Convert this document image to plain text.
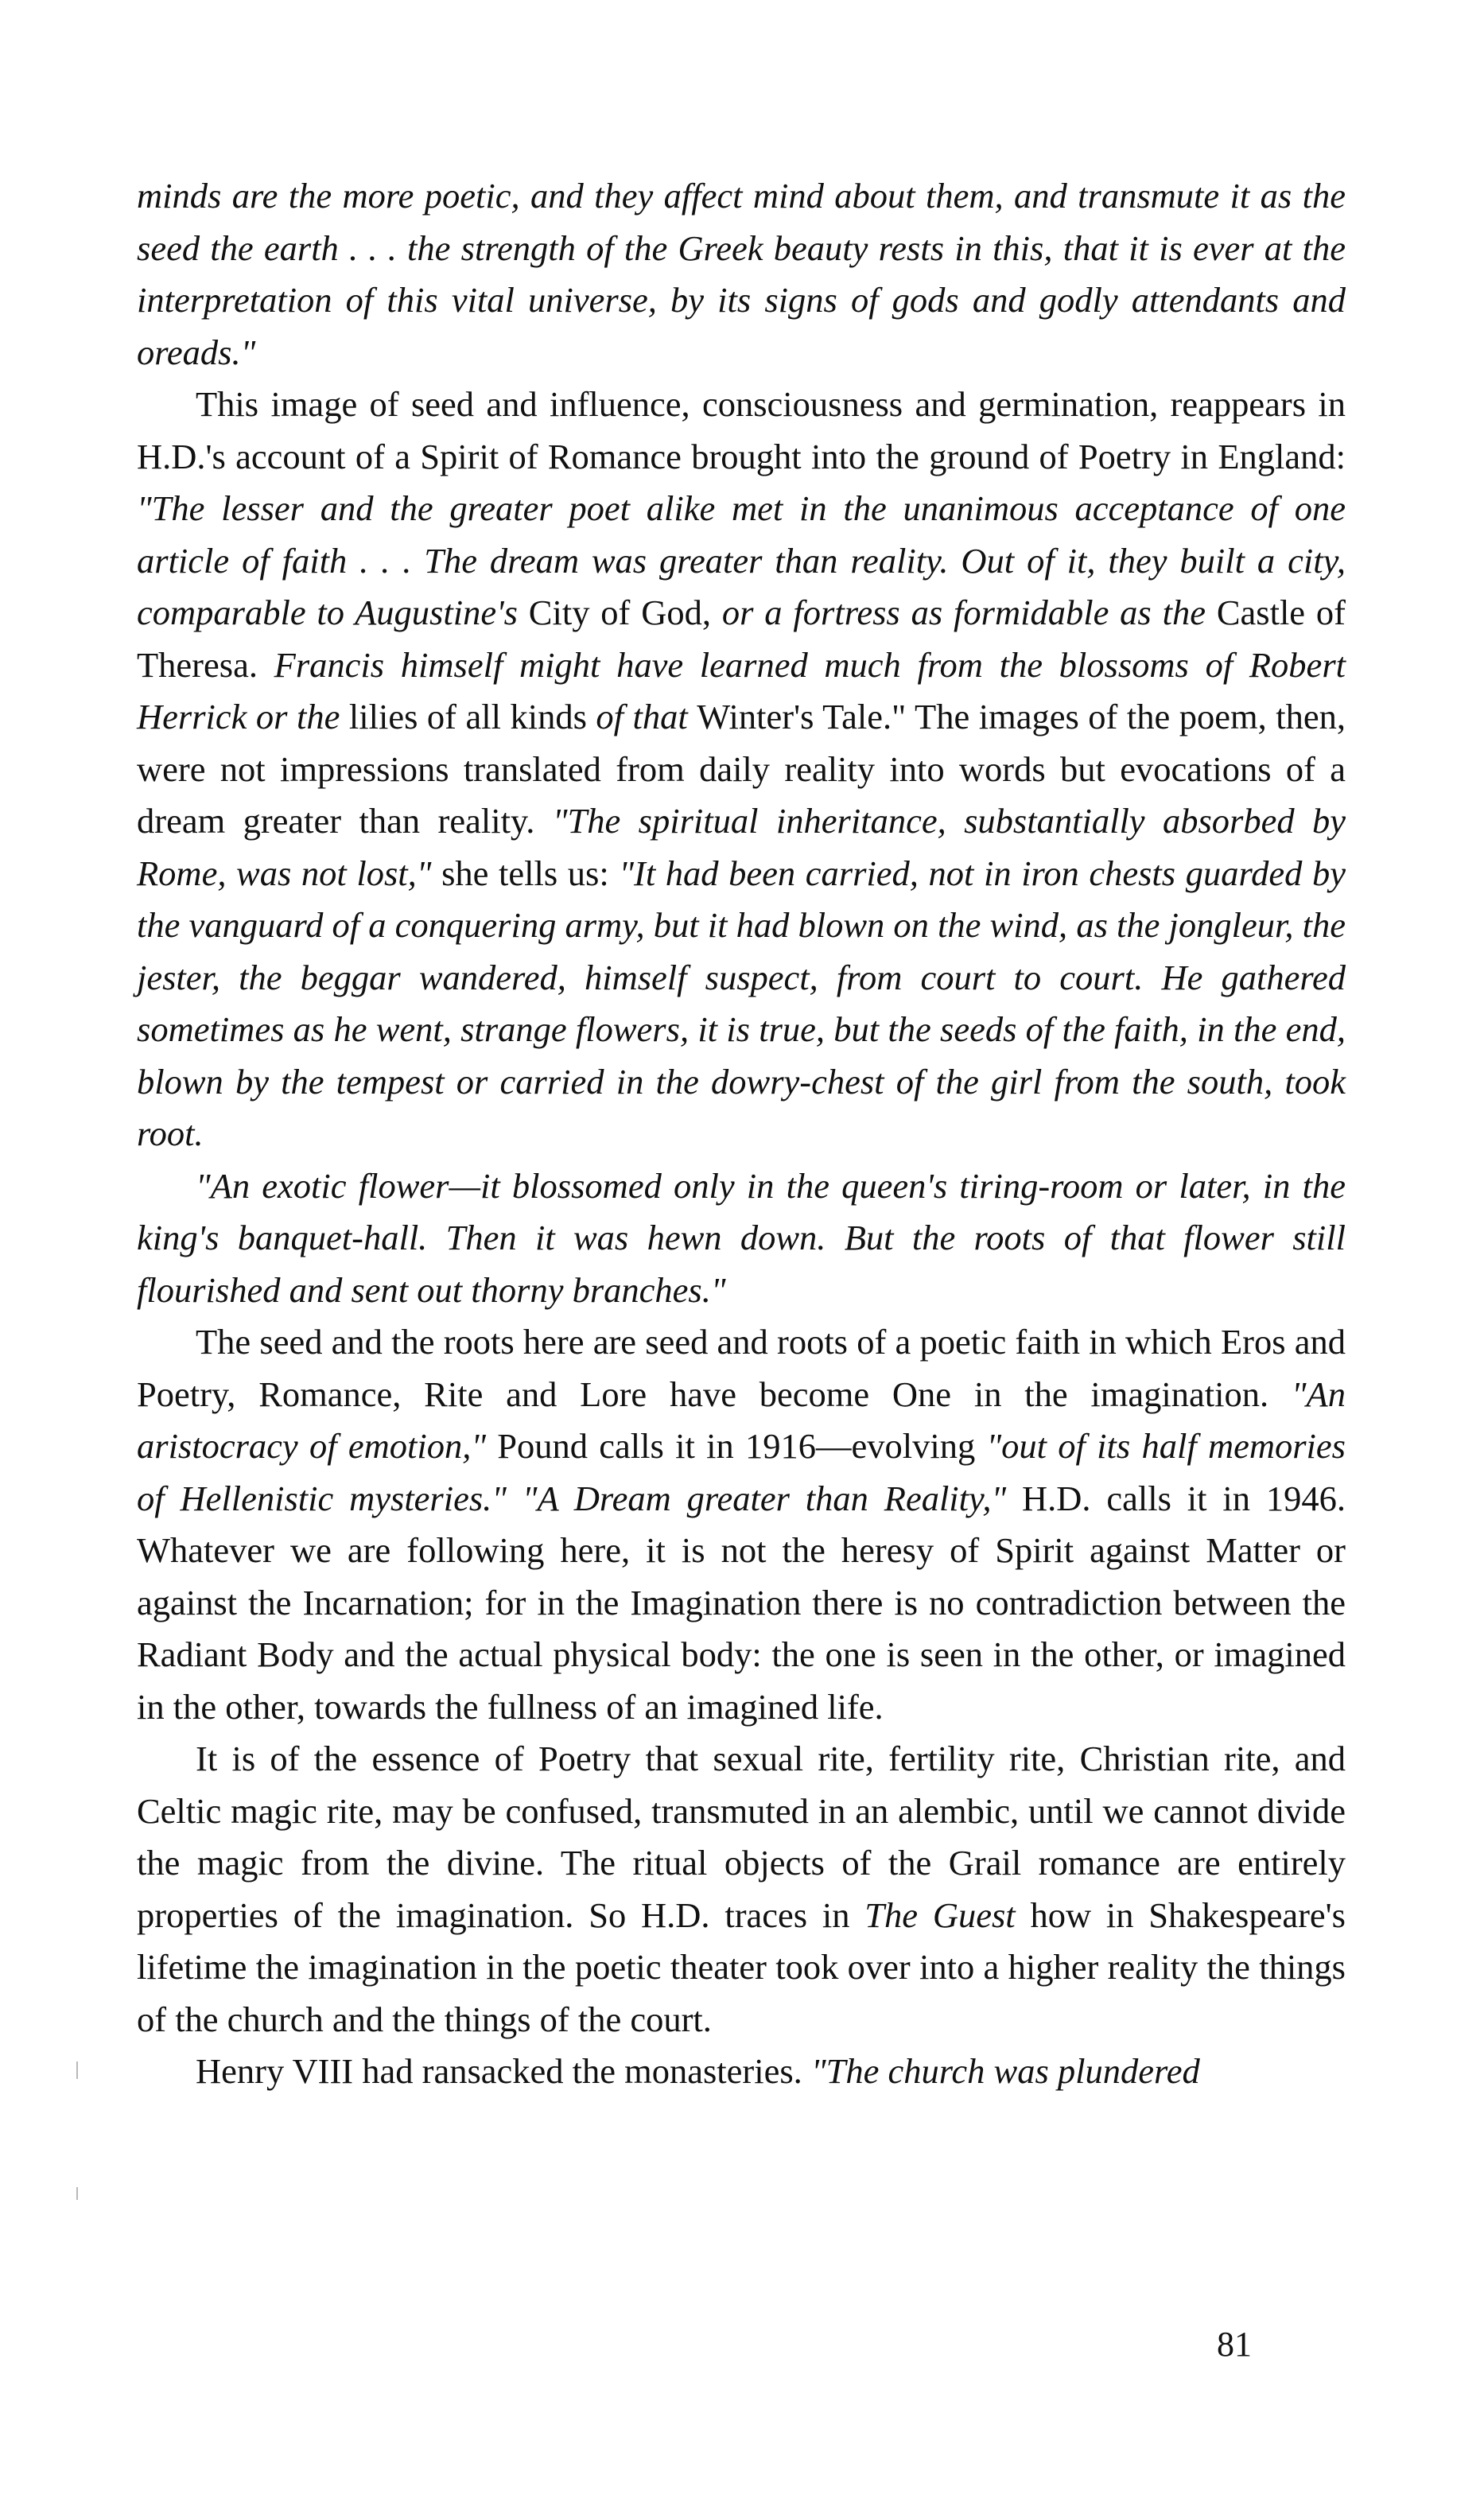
minds are the more poetic, and they affect mind about them, and transmute it as the seed the earth . . . the strength of the Greek beauty rests in this, that it is ever at the interpretation of this vital universe, by its signs of gods and godly attendants and oreads."

This image of seed and influence, consciousness and germination, reappears in H.D.'s account of a Spirit of Romance brought into the ground of Poetry in England: "The lesser and the greater poet alike met in the unanimous acceptance of one article of faith . . . The dream was greater than reality. Out of it, they built a city, comparable to Augustine's City of God, or a fortress as formidable as the Castle of Theresa. Francis himself might have learned much from the blossoms of Robert Herrick or the lilies of all kinds of that Winter's Tale." The images of the poem, then, were not impressions translated from daily reality into words but evocations of a dream greater than reality. "The spiritual inheritance, substantially absorbed by Rome, was not lost," she tells us: "It had been carried, not in iron chests guarded by the vanguard of a conquering army, but it had blown on the wind, as the jongleur, the jester, the beggar wandered, himself suspect, from court to court. He gathered sometimes as he went, strange flowers, it is true, but the seeds of the faith, in the end, blown by the tempest or carried in the dowry-chest of the girl from the south, took root.

"An exotic flower—it blossomed only in the queen's tiring-room or later, in the king's banquet-hall. Then it was hewn down. But the roots of that flower still flourished and sent out thorny branches."

The seed and the roots here are seed and roots of a poetic faith in which Eros and Poetry, Romance, Rite and Lore have become One in the imagination. "An aristocracy of emotion," Pound calls it in 1916—evolving "out of its half memories of Hellenistic mysteries." "A Dream greater than Reality," H.D. calls it in 1946. Whatever we are following here, it is not the heresy of Spirit against Matter or against the Incarnation; for in the Imagination there is no contradiction between the Radiant Body and the actual physical body: the one is seen in the other, or imagined in the other, towards the fullness of an imagined life.

It is of the essence of Poetry that sexual rite, fertility rite, Christian rite, and Celtic magic rite, may be confused, transmuted in an alembic, until we cannot divide the magic from the divine. The ritual objects of the Grail romance are entirely properties of the imagination. So H.D. traces in The Guest how in Shakespeare's lifetime the imagination in the poetic theater took over into a higher reality the things of the church and the things of the court.

Henry VIII had ransacked the monasteries. "The church was plundered

81
